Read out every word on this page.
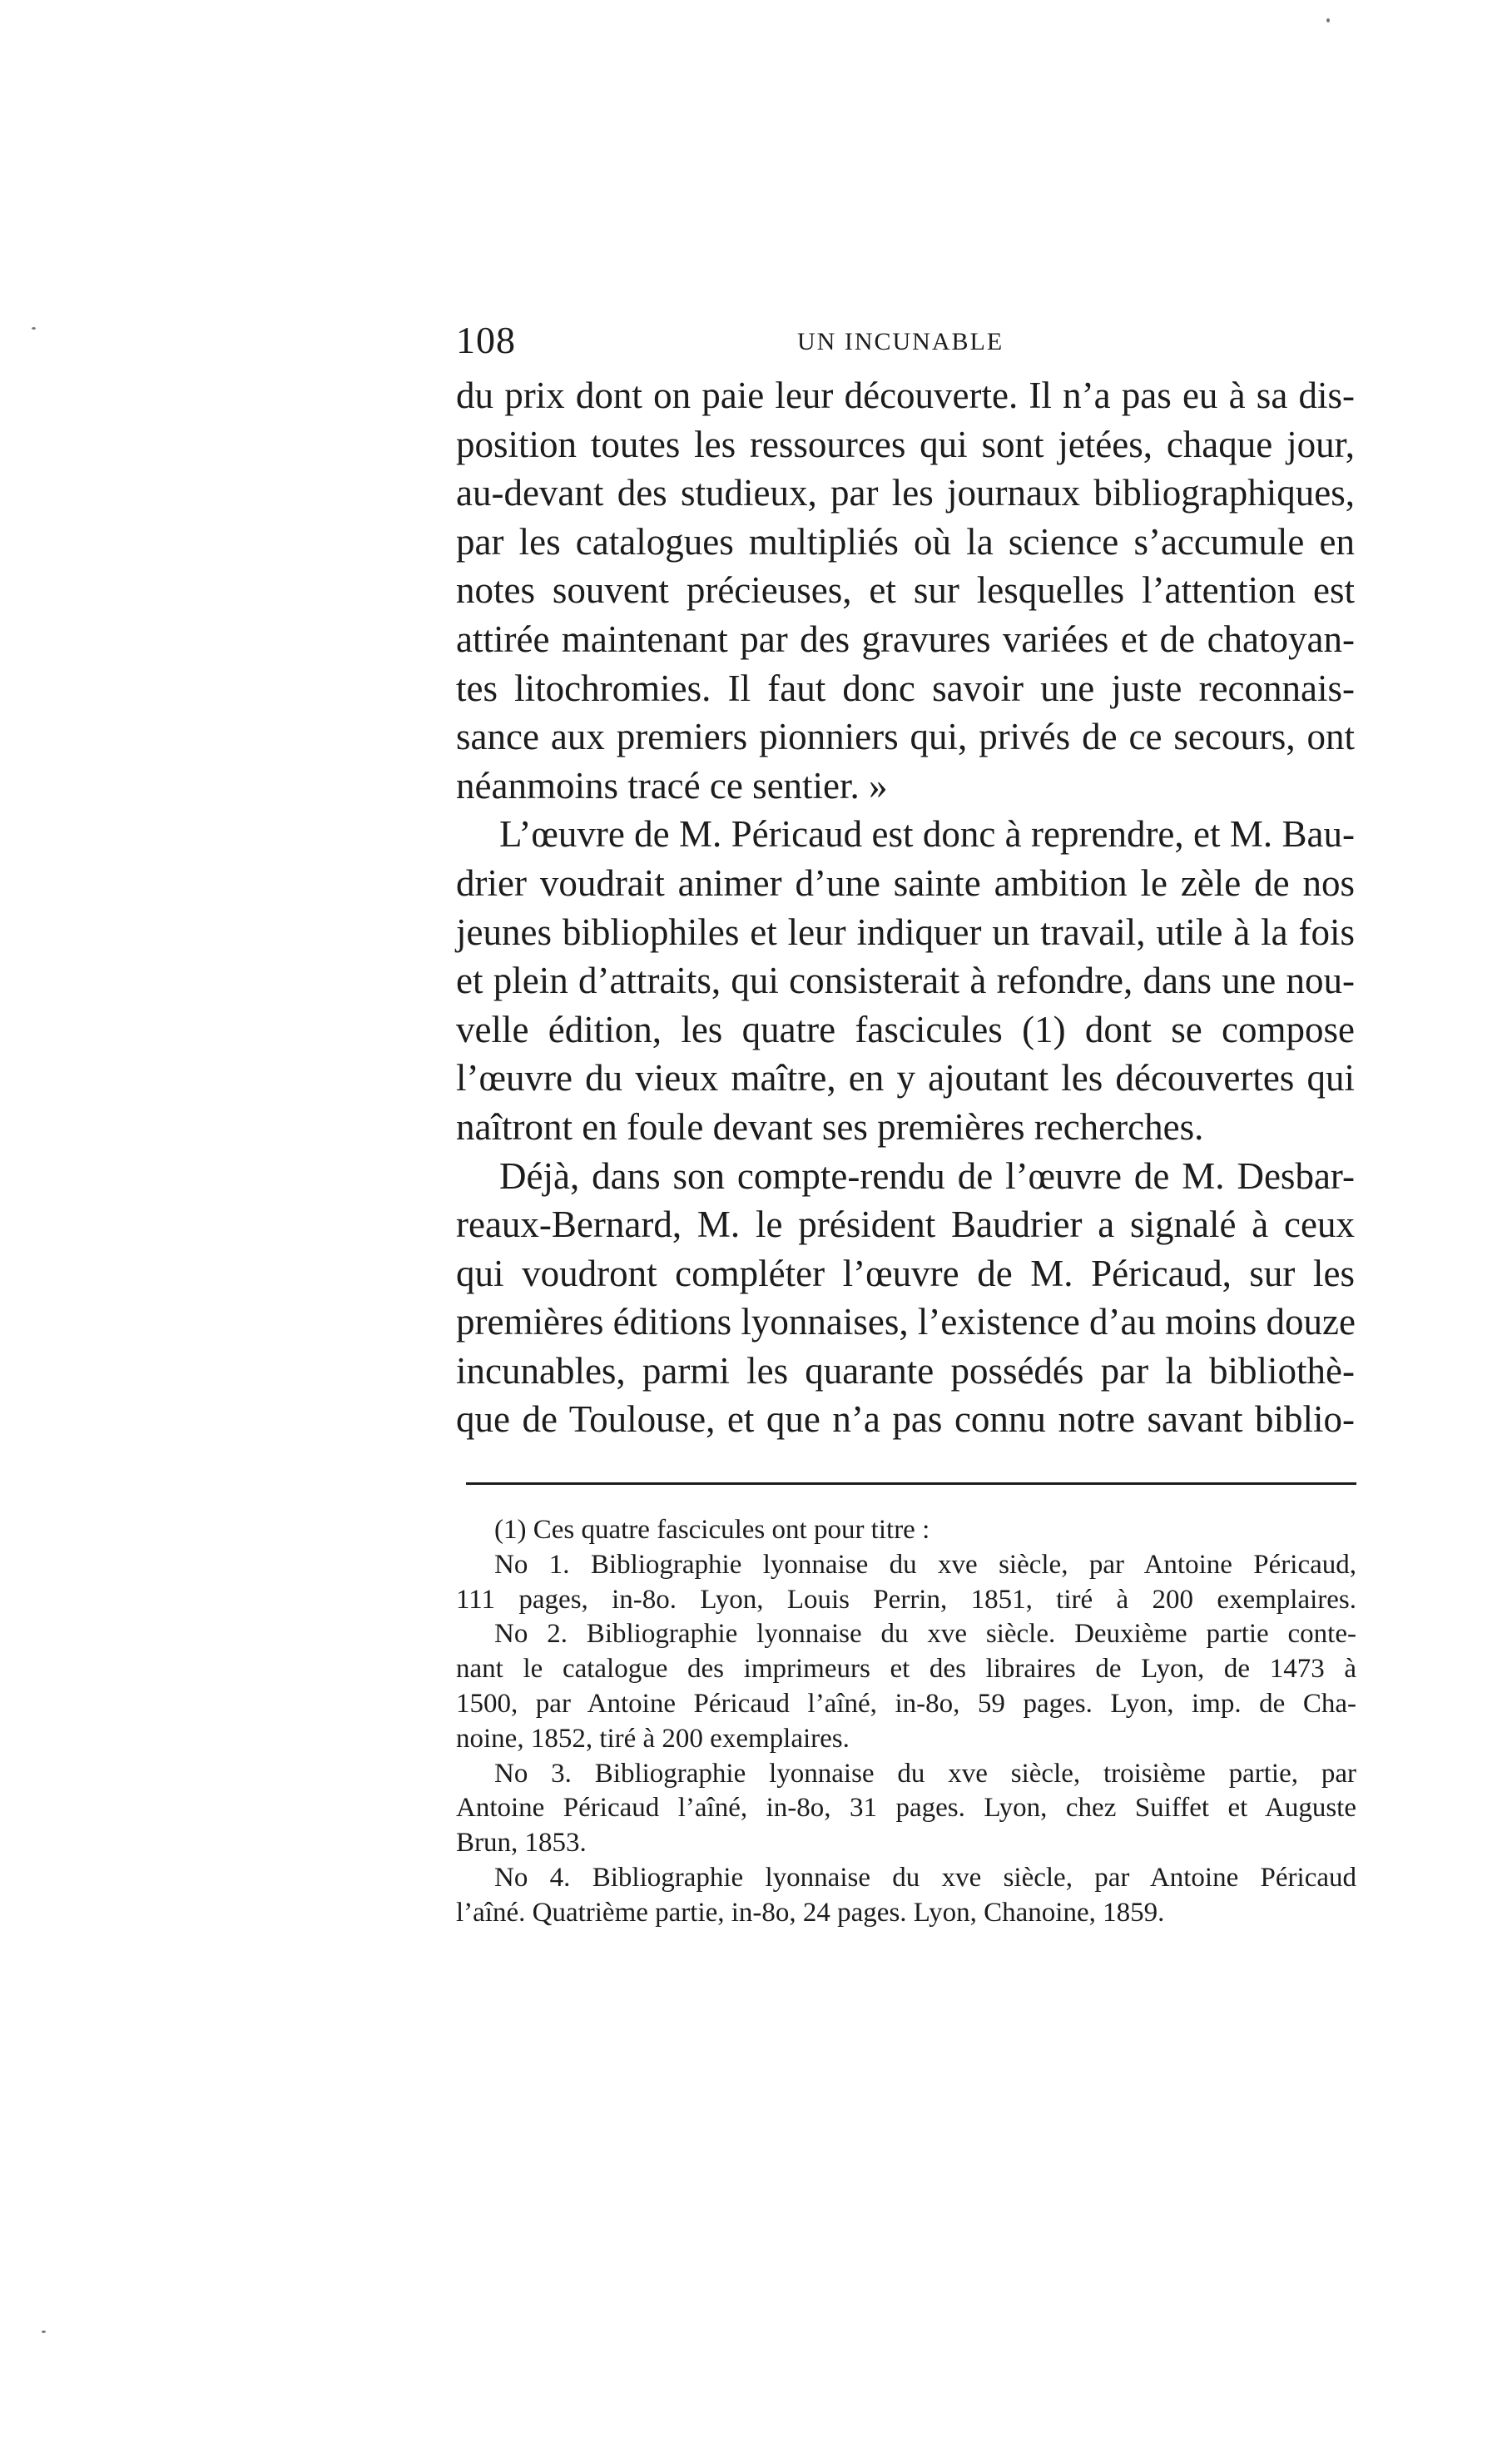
108	UN INCUNABLE
du prix dont on paie leur découverte. Il n’a pas eu à sa dis-
position toutes les ressources qui sont jetées, chaque jour,
au-devant des studieux, par les journaux bibliographiques,
par les catalogues multipliés où la science s’accumule en
notes souvent précieuses, et sur lesquelles l’attention est
attirée maintenant par des gravures variées et de chatoyan-
tes litochromies. Il faut donc savoir une juste reconnais-
sance aux premiers pionniers qui, privés de ce secours, ont
néanmoins tracé ce sentier. »
L’œuvre de M. Péricaud est donc à reprendre, et M. Bau-
drier voudrait animer d’une sainte ambition le zèle de nos
jeunes bibliophiles et leur indiquer un travail, utile à la fois
et plein d’attraits, qui consisterait à refondre, dans une nou-
velle édition, les quatre fascicules (1) dont se compose
l’œuvre du vieux maître, en y ajoutant les découvertes qui
naîtront en foule devant ses premières recherches.
Déjà, dans son compte-rendu de l’œuvre de M. Desbar-
reaux-Bernard, M. le président Baudrier a signalé à ceux
qui voudront compléter l’œuvre de M. Péricaud, sur les
premières éditions lyonnaises, l’existence d’au moins douze
incunables, parmi les quarante possédés par la bibliothè-
que de Toulouse, et que n’a pas connu notre savant biblio-
(1) Ces quatre fascicules ont pour titre :
No 1. Bibliographie lyonnaise du xve siècle, par Antoine Péricaud,
111 pages, in-8o. Lyon, Louis Perrin, 1851, tiré à 200 exemplaires.
No 2. Bibliographie lyonnaise du xve siècle. Deuxième partie conte-
nant le catalogue des imprimeurs et des libraires de Lyon, de 1473 à
1500, par Antoine Péricaud l’aîné, in-8o, 59 pages. Lyon, imp. de Cha-
noine, 1852, tiré à 200 exemplaires.
No 3. Bibliographie lyonnaise du xve siècle, troisième partie, par
Antoine Péricaud l’aîné, in-8o, 31 pages. Lyon, chez Suiffet et Auguste
Brun, 1853.
No 4. Bibliographie lyonnaise du xve siècle, par Antoine Péricaud
l’aîné. Quatrième partie, in-8o, 24 pages. Lyon, Chanoine, 1859.
